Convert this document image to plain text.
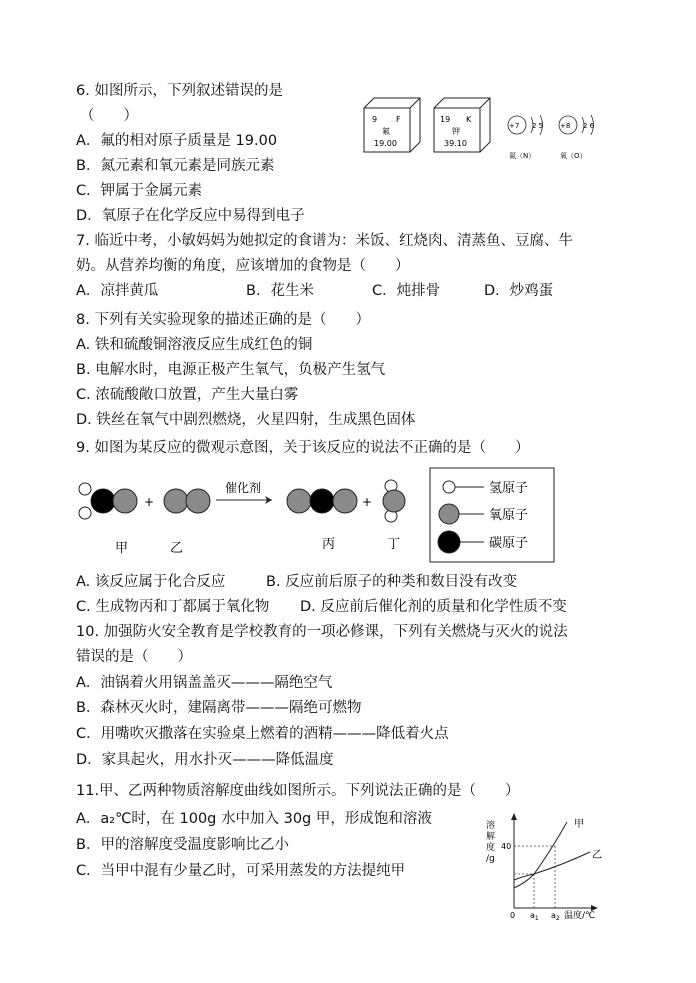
6. 如图所示，下列叙述错误的是
（　　）
A．氟的相对原子质量是 19.00
B．氮元素和氧元素是同族元素
C．钾属于金属元素
D．氧原子在化学反应中易得到电子
9 F
氟
19.00
19 K
钾
39.10
+7 2 5
氮（N）
+8 2 6
氧（O）
7. 临近中考，小敏妈妈为她拟定的食谱为：米饭、红烧肉、清蒸鱼、豆腐、牛
奶。从营养均衡的角度，应该增加的食物是（　　）
A．凉拌黄瓜	B．花生米	C．炖排骨	D．炒鸡蛋
8. 下列有关实验现象的描述正确的是（　　）
A. 铁和硫酸铜溶液反应生成红色的铜
B. 电解水时，电源正极产生氧气，负极产生氢气
C. 浓硫酸敞口放置，产生大量白雾
D. 铁丝在氧气中剧烈燃烧，火星四射，生成黑色固体
9. 如图为某反应的微观示意图，关于该反应的说法不正确的是（　　）
+
催化剂
+
甲	乙	丙	丁
氢原子
氧原子
碳原子
A. 该反应属于化合反应	B. 反应前后原子的种类和数目没有改变
C. 生成物丙和丁都属于氧化物 D. 反应前后催化剂的质量和化学性质不变
10. 加强防火安全教育是学校教育的一项必修课，下列有关燃烧与灭火的说法
错误的是（　　）
A．油锅着火用锅盖盖灭———隔绝空气
B．森林灭火时，建隔离带———隔绝可燃物
C．用嘴吹灭撒落在实验桌上燃着的酒精———降低着火点
D．家具起火，用水扑灭———降低温度
11.甲、乙两种物质溶解度曲线如图所示。下列说法正确的是（　　）
A．a₂℃时，在 100g 水中加入 30g 甲，形成饱和溶液
B．甲的溶解度受温度影响比乙小
C．当甲中混有少量乙时，可采用蒸发的方法提纯甲
溶
解
度
/g
40
0 $a_1$ $a_2$ 温度/℃
甲
乙
